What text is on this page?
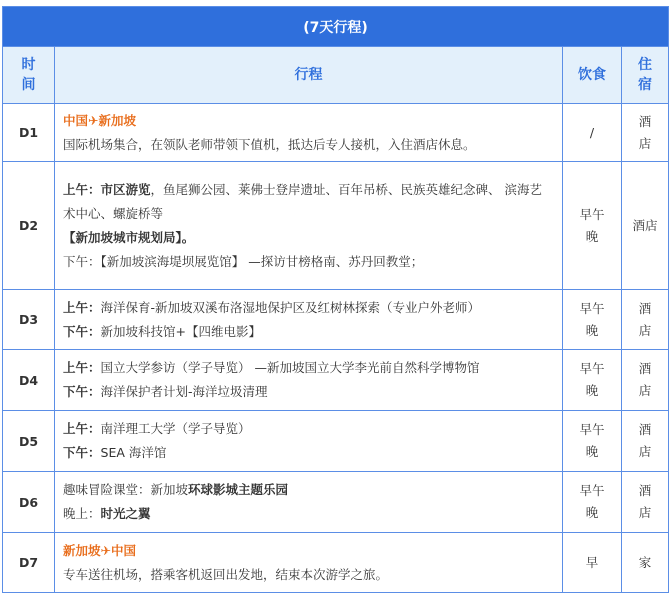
(7天行程)			
时间	行程	饮食	住宿
D1	中国✈新加坡
国际机场集合，在领队老师带领下值机，抵达后专人接机，入住酒店休息。	/	酒店
D2	上午：市区游览，鱼尾狮公园、莱佛士登岸遗址、百年吊桥、民族英雄纪念碑、 滨海艺术中心、螺旋桥等
【新加坡城市规划局】。
下午：【新加坡滨海堤坝展览馆】 —探访甘榜格南、苏丹回教堂；	早午晚	酒店
D3	上午：海洋保育-新加坡双溪布洛湿地保护区及红树林探索（专业户外老师）
下午：新加坡科技馆+【四维电影】	早午晚	酒店
D4	上午：国立大学参访（学子导览） —新加坡国立大学李光前自然科学博物馆
下午：海洋保护者计划-海洋垃圾清理	早午晚	酒店
D5	上午：南洋理工大学（学子导览）
下午：SEA 海洋馆	早午晚	酒店
D6	趣味冒险课堂：新加坡环球影城主题乐园
晚上：时光之翼	早午晚	酒店
D7	新加坡✈中国
专车送往机场，搭乘客机返回出发地，结束本次游学之旅。	早	家
